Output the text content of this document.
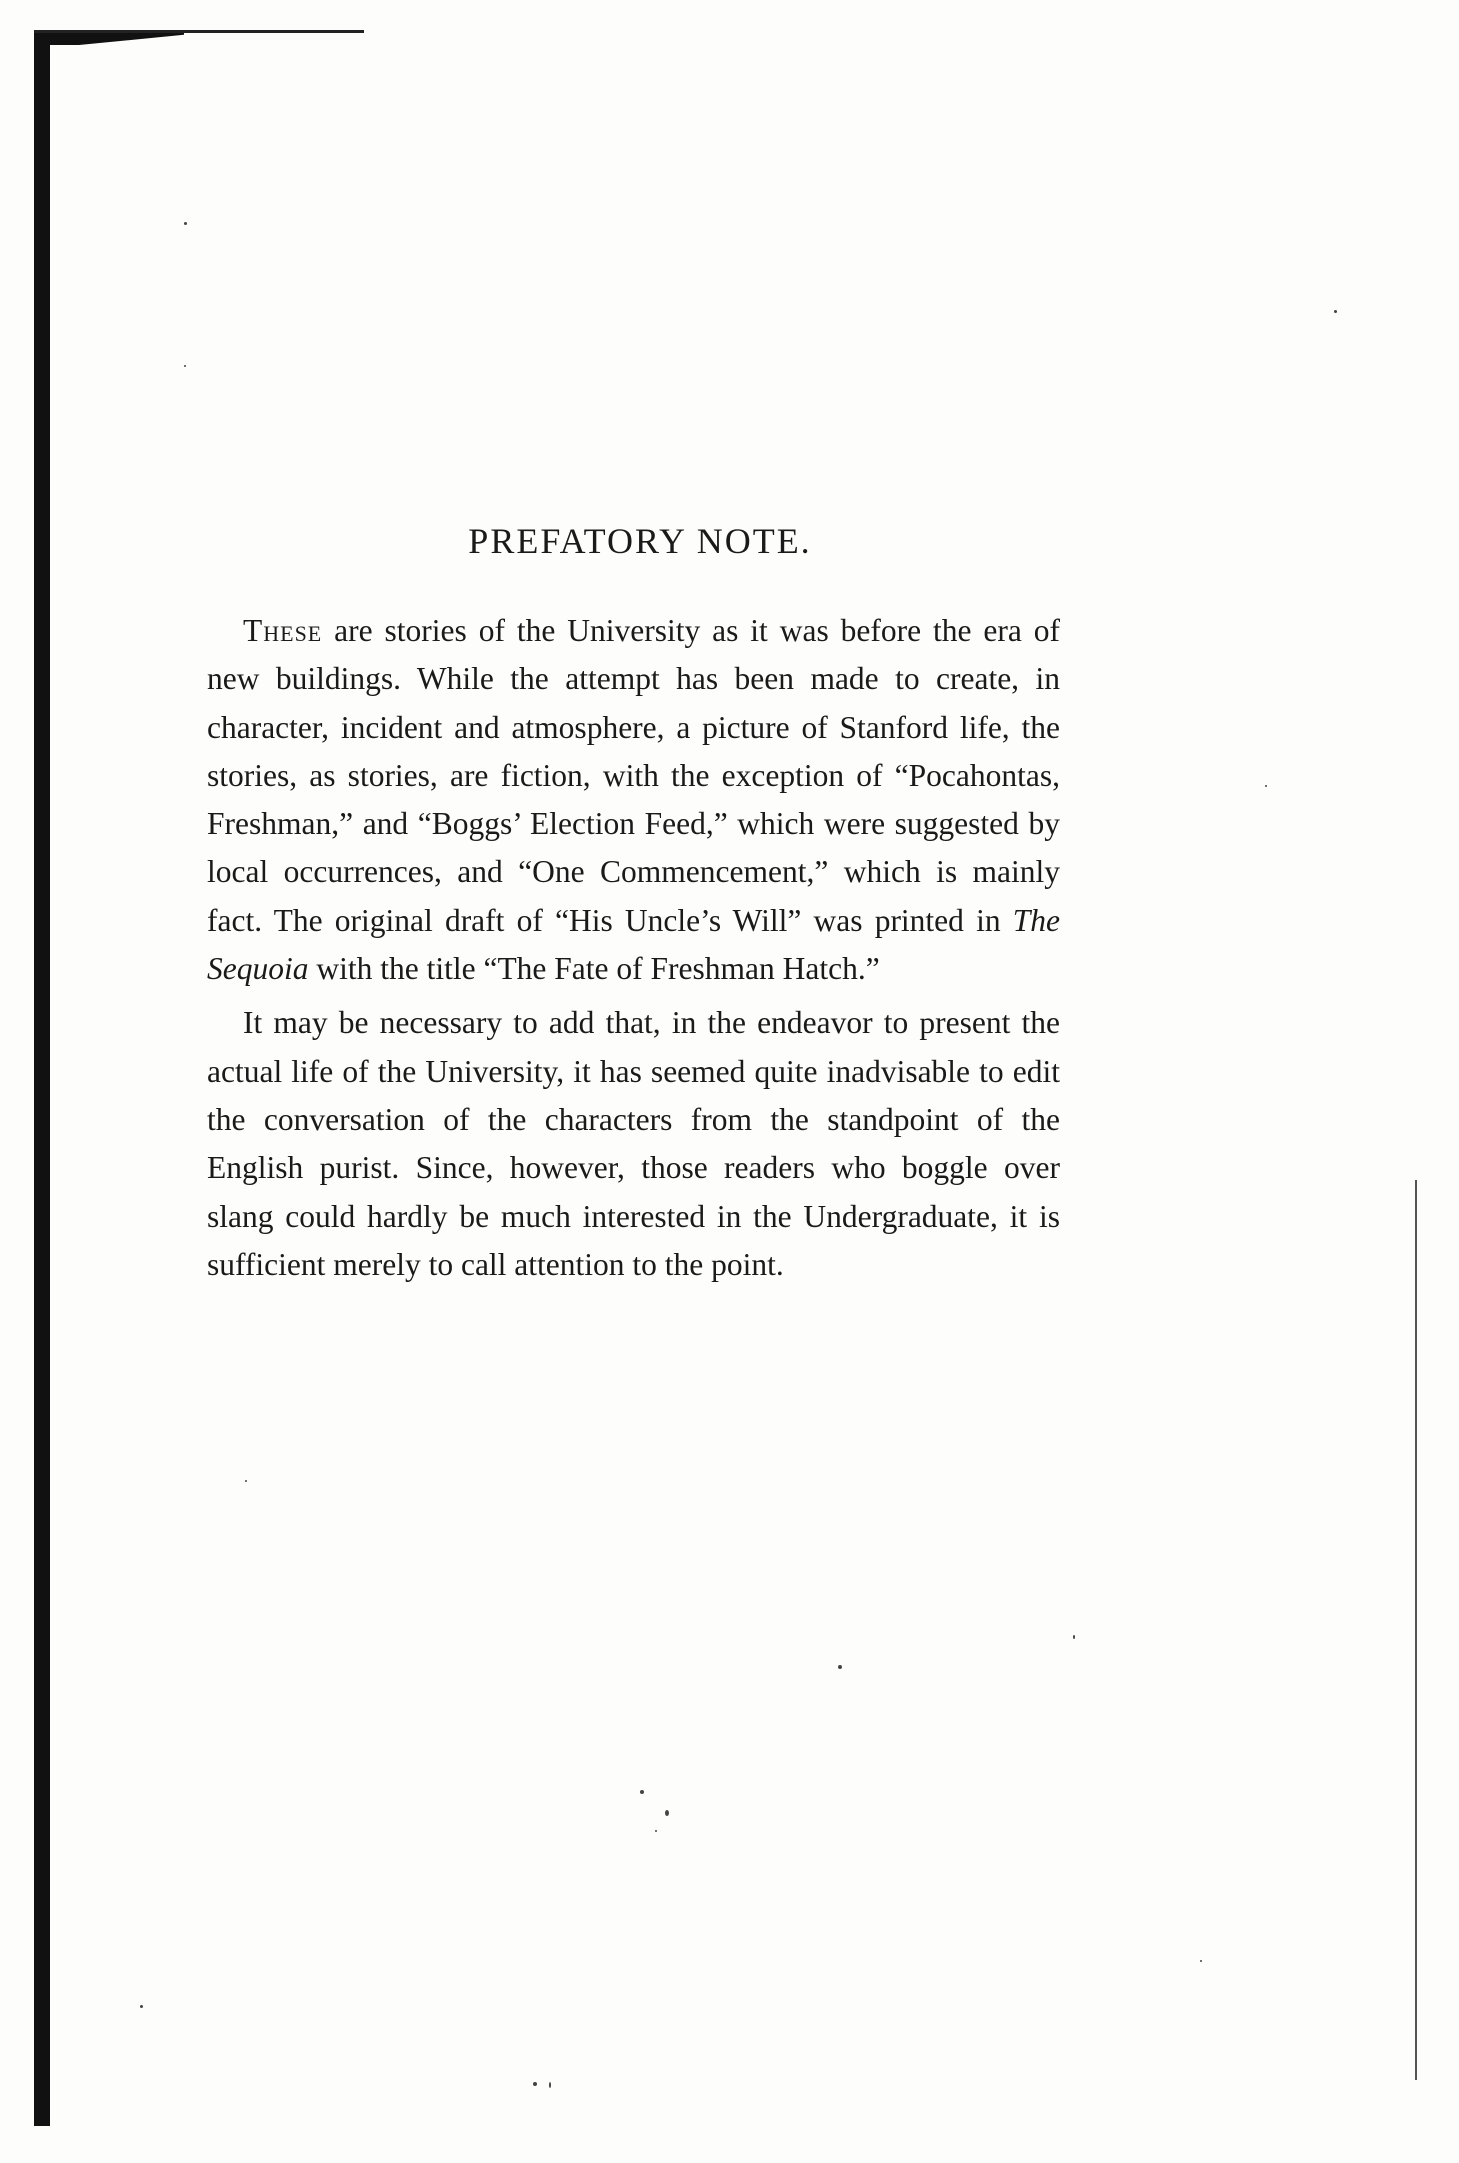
PREFATORY NOTE.

These are stories of the University as it was before the era of new buildings. While the attempt has been made to create, in character, incident and atmosphere, a picture of Stanford life, the stories, as stories, are fiction, with the exception of “Pocahontas, Freshman,” and “Boggs’ Election Feed,” which were suggested by local occurrences, and “One Commencement,” which is mainly fact. The original draft of “His Uncle’s Will” was printed in The Sequoia with the title “The Fate of Freshman Hatch.”

It may be necessary to add that, in the endeavor to present the actual life of the University, it has seemed quite inadvisable to edit the conversation of the characters from the standpoint of the English purist. Since, however, those readers who boggle over slang could hardly be much interested in the Undergraduate, it is sufficient merely to call attention to the point.
